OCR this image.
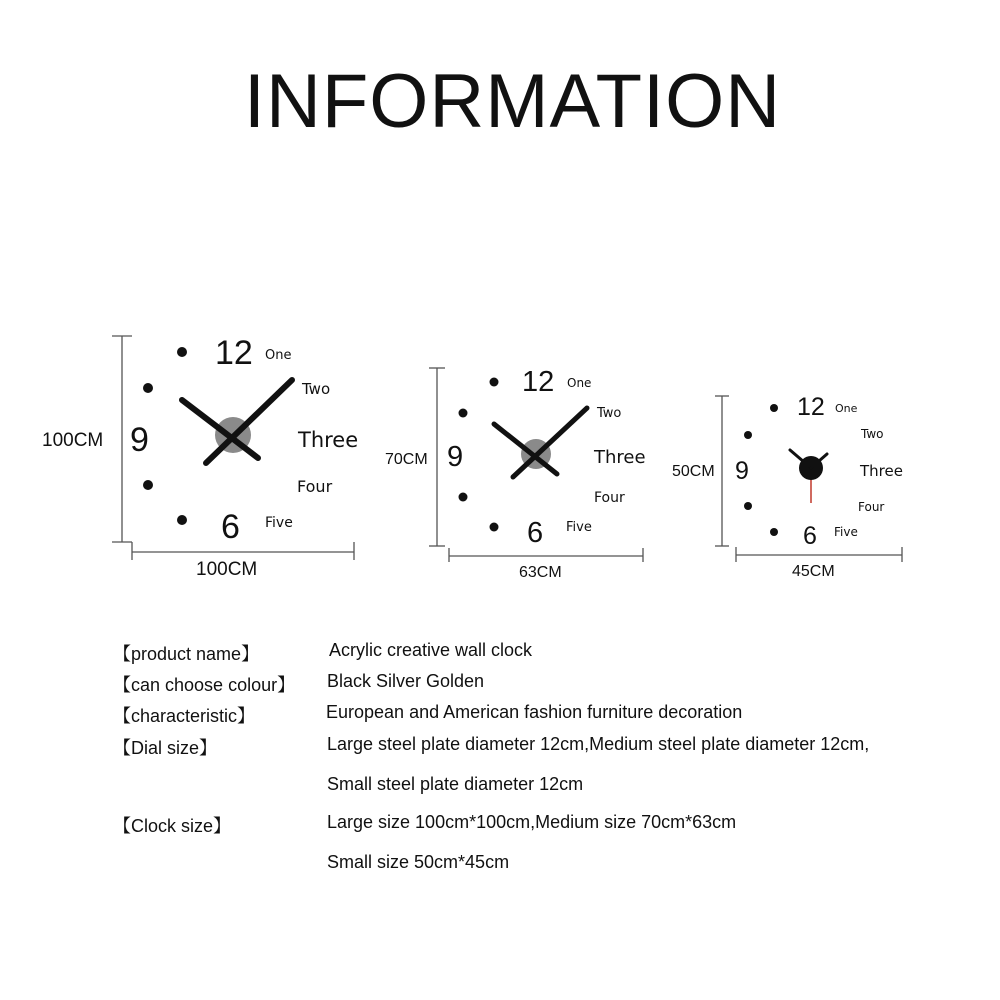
INFORMATION
100CM
100CM
12
9
6
One
Two
Three
Four
Five
70CM
63CM
12
9
6
One
Two
Three
Four
Five
50CM
45CM
12
9
6
One
Two
Three
Four
Five
【product name】	Acrylic creative wall clock
【can choose colour】 Black Silver Golden
【characteristic】	European and American fashion furniture decoration
【Dial size】	Large steel plate diameter 12cm,Medium steel plate diameter 12cm,
Small steel plate diameter 12cm
【Clock size】	Large size 100cm*100cm,Medium size 70cm*63cm
Small size 50cm*45cm
